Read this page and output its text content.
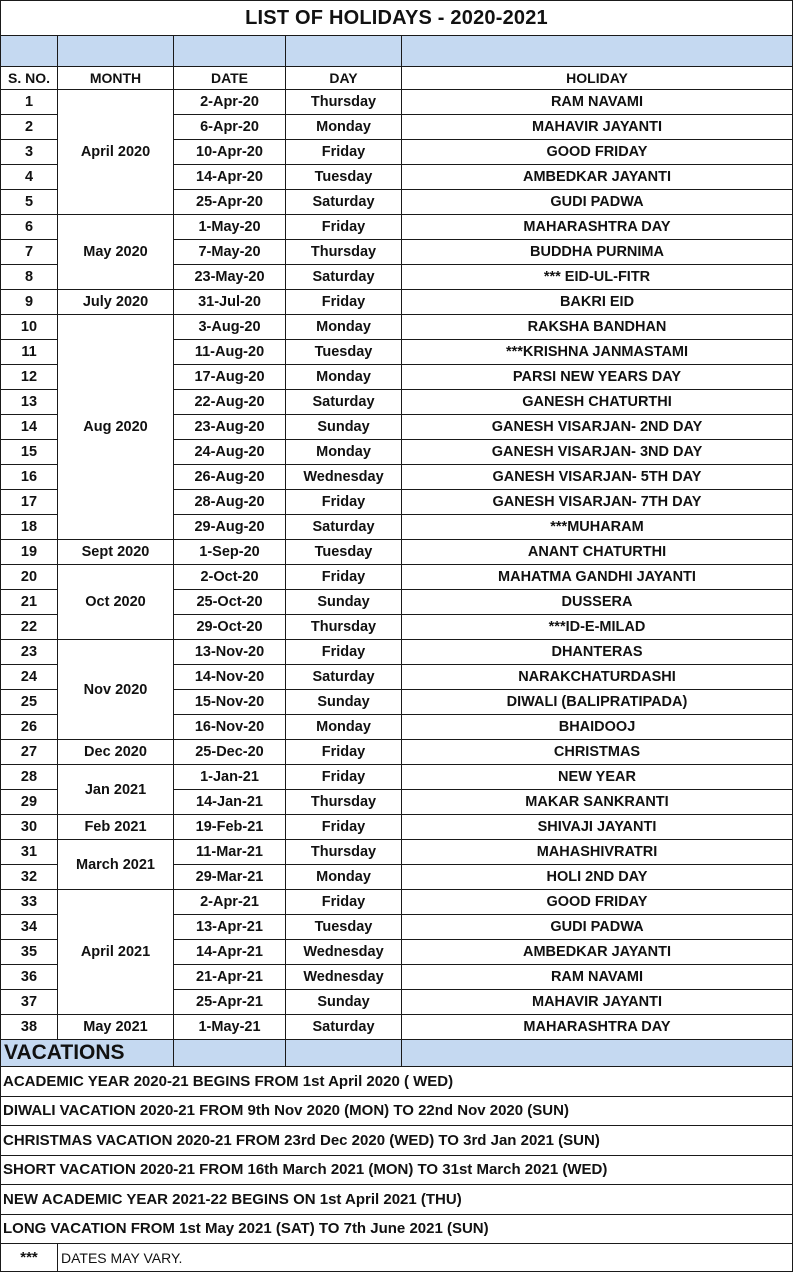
LIST OF HOLIDAYS - 2020-2021				

S. NO.	MONTH	DATE	DAY	HOLIDAY
1	April 2020	2-Apr-20	Thursday	RAM NAVAMI
2		6-Apr-20	Monday	MAHAVIR JAYANTI
3		10-Apr-20	Friday	GOOD FRIDAY
4		14-Apr-20	Tuesday	AMBEDKAR JAYANTI
5		25-Apr-20	Saturday	GUDI PADWA
6	May 2020	1-May-20	Friday	MAHARASHTRA DAY
7		7-May-20	Thursday	BUDDHA PURNIMA
8		23-May-20	Saturday	*** EID-UL-FITR
9	July 2020	31-Jul-20	Friday	BAKRI EID
10	Aug 2020	3-Aug-20	Monday	RAKSHA BANDHAN
11		11-Aug-20	Tuesday	***KRISHNA JANMASTAMI
12		17-Aug-20	Monday	PARSI NEW YEARS DAY
13		22-Aug-20	Saturday	GANESH CHATURTHI
14		23-Aug-20	Sunday	GANESH VISARJAN- 2ND DAY
15		24-Aug-20	Monday	GANESH VISARJAN- 3ND DAY
16		26-Aug-20	Wednesday	GANESH VISARJAN- 5TH DAY
17		28-Aug-20	Friday	GANESH VISARJAN- 7TH DAY
18		29-Aug-20	Saturday	***MUHARAM
19	Sept 2020	1-Sep-20	Tuesday	ANANT CHATURTHI
20	Oct 2020	2-Oct-20	Friday	MAHATMA GANDHI JAYANTI
21		25-Oct-20	Sunday	DUSSERA
22		29-Oct-20	Thursday	***ID-E-MILAD
23	Nov 2020	13-Nov-20	Friday	DHANTERAS
24		14-Nov-20	Saturday	NARAKCHATURDASHI
25		15-Nov-20	Sunday	DIWALI (BALIPRATIPADA)
26		16-Nov-20	Monday	BHAIDOOJ
27	Dec 2020	25-Dec-20	Friday	CHRISTMAS
28	Jan 2021	1-Jan-21	Friday	NEW YEAR
29		14-Jan-21	Thursday	MAKAR SANKRANTI
30	Feb 2021	19-Feb-21	Friday	SHIVAJI JAYANTI
31	March 2021	11-Mar-21	Thursday	MAHASHIVRATRI
32		29-Mar-21	Monday	HOLI 2ND DAY
33	April 2021	2-Apr-21	Friday	GOOD FRIDAY
34		13-Apr-21	Tuesday	GUDI PADWA
35		14-Apr-21	Wednesday	AMBEDKAR JAYANTI
36		21-Apr-21	Wednesday	RAM NAVAMI
37		25-Apr-21	Sunday	MAHAVIR JAYANTI
38	May 2021	1-May-21	Saturday	MAHARASHTRA DAY
VACATIONS				
ACADEMIC YEAR 2020-21 BEGINS FROM 1st April 2020 ( WED)				
DIWALI VACATION 2020-21 FROM 9th Nov 2020 (MON) TO 22nd Nov 2020 (SUN)				
CHRISTMAS VACATION 2020-21 FROM 23rd Dec 2020 (WED) TO 3rd Jan 2021 (SUN)				
SHORT VACATION 2020-21 FROM 16th March 2021 (MON) TO 31st March 2021 (WED)				
NEW ACADEMIC YEAR 2021-22 BEGINS ON 1st April 2021 (THU)				
LONG VACATION FROM 1st May 2021 (SAT) TO 7th June 2021 (SUN)				
***	DATES MAY VARY.			
